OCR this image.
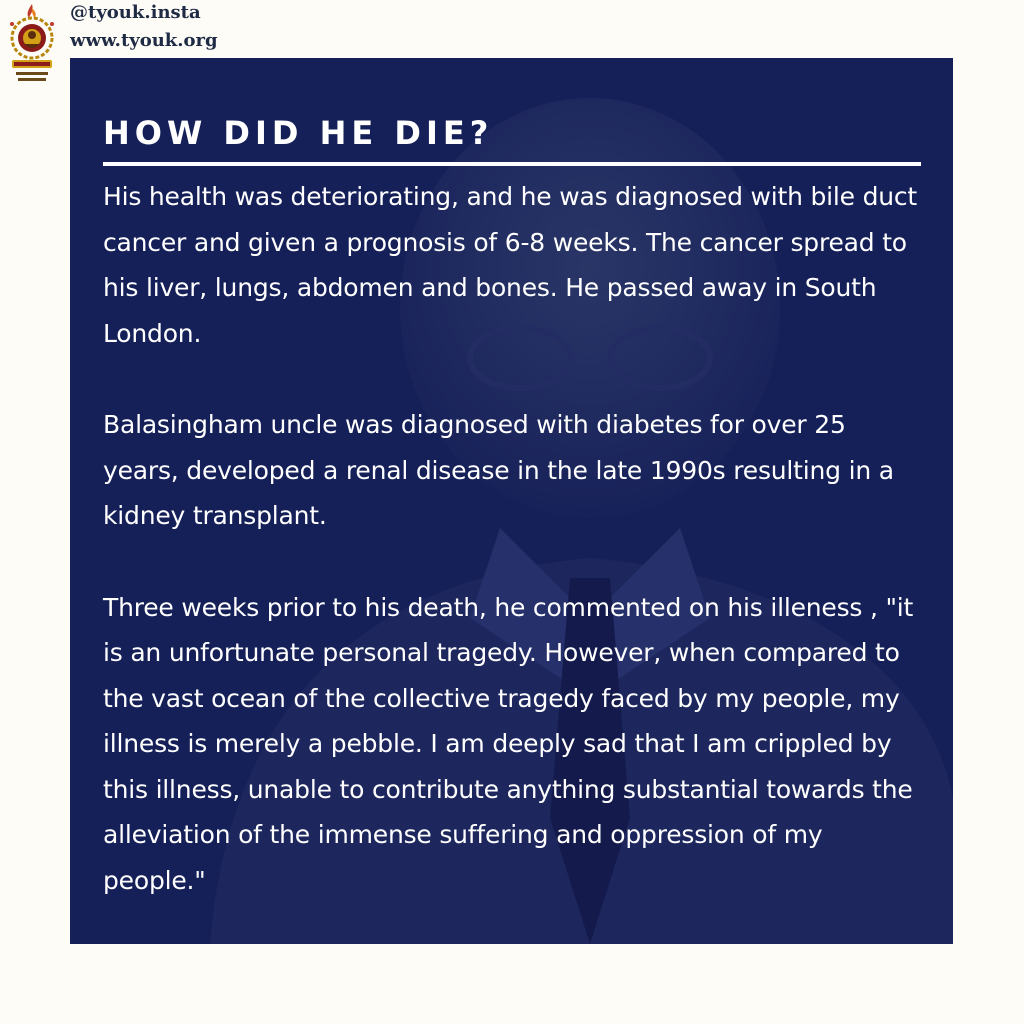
@tyouk.insta
www.tyouk.org
HOW DID HE DIE?

His health was deteriorating, and he was diagnosed with bile duct cancer and given a prognosis of 6-8 weeks. The cancer spread to his liver, lungs, abdomen and bones. He passed away in South London.

Balasingham uncle was diagnosed with diabetes for over 25 years, developed a renal disease in the late 1990s resulting in a kidney transplant.

Three weeks prior to his death, he commented on his illeness , "it is an unfortunate personal tragedy. However, when compared to the vast ocean of the collective tragedy faced by my people, my illness is merely a pebble. I am deeply sad that I am crippled by this illness, unable to contribute anything substantial towards the alleviation of the immense suffering and oppression of my people."
